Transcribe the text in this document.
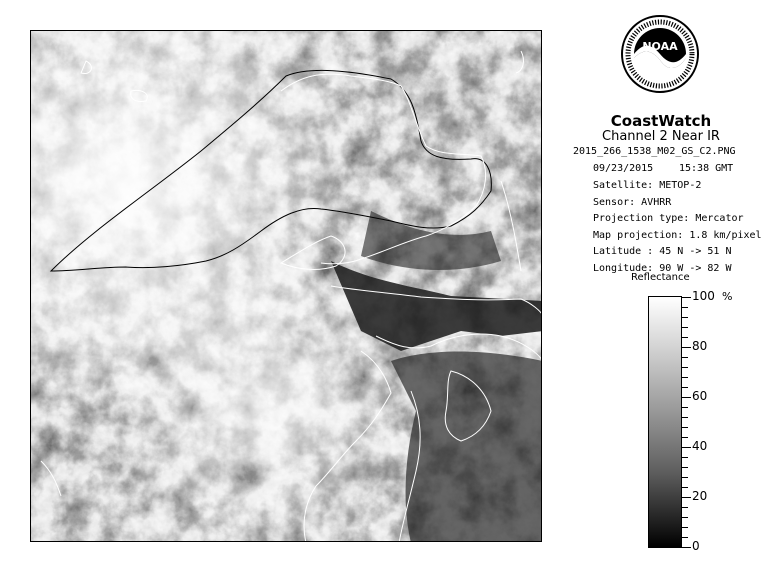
NOAA
CoastWatch
Channel 2 Near IR
2015_266_1538_M02_GS_C2.PNG
09/23/2015	15:38 GMT
Satellite: METOP-2
Sensor: AVHRR
Projection type: Mercator
Map projection: 1.8 km/pixel
Latitude : 45 N -> 51 N
Longitude: 90 W -> 82 W
Reflectance
%
100
80
60
40
20
0
